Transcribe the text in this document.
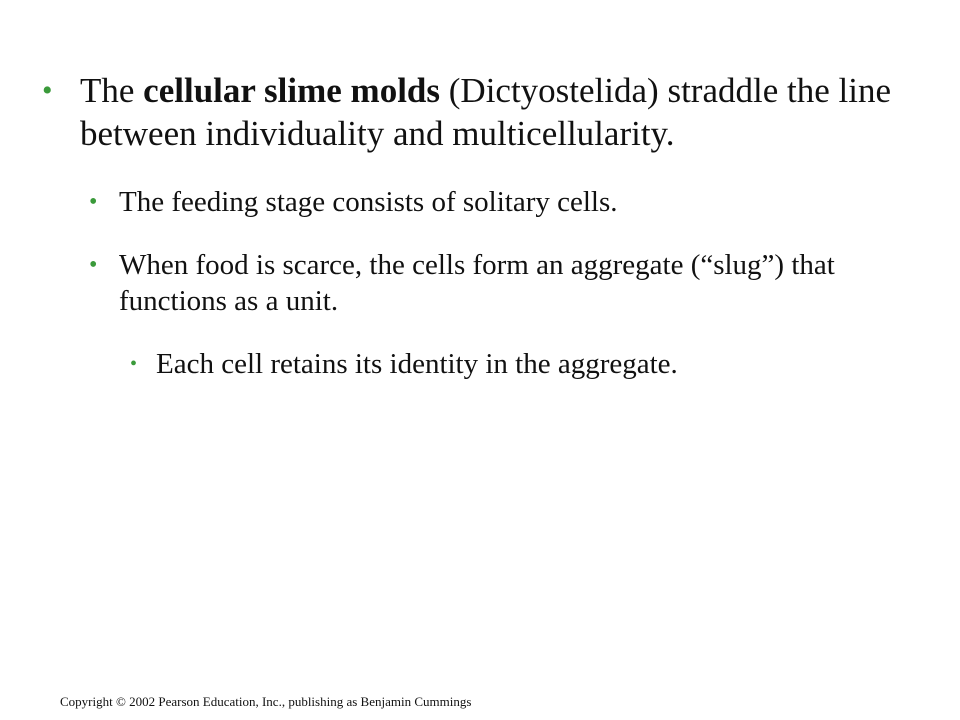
• The cellular slime molds (Dictyostelida) straddle the line between individuality and multicellularity.
• The feeding stage consists of solitary cells.
• When food is scarce, the cells form an aggregate (“slug”) that functions as a unit.
• Each cell retains its identity in the aggregate.
Copyright © 2002 Pearson Education, Inc., publishing as Benjamin Cummings
